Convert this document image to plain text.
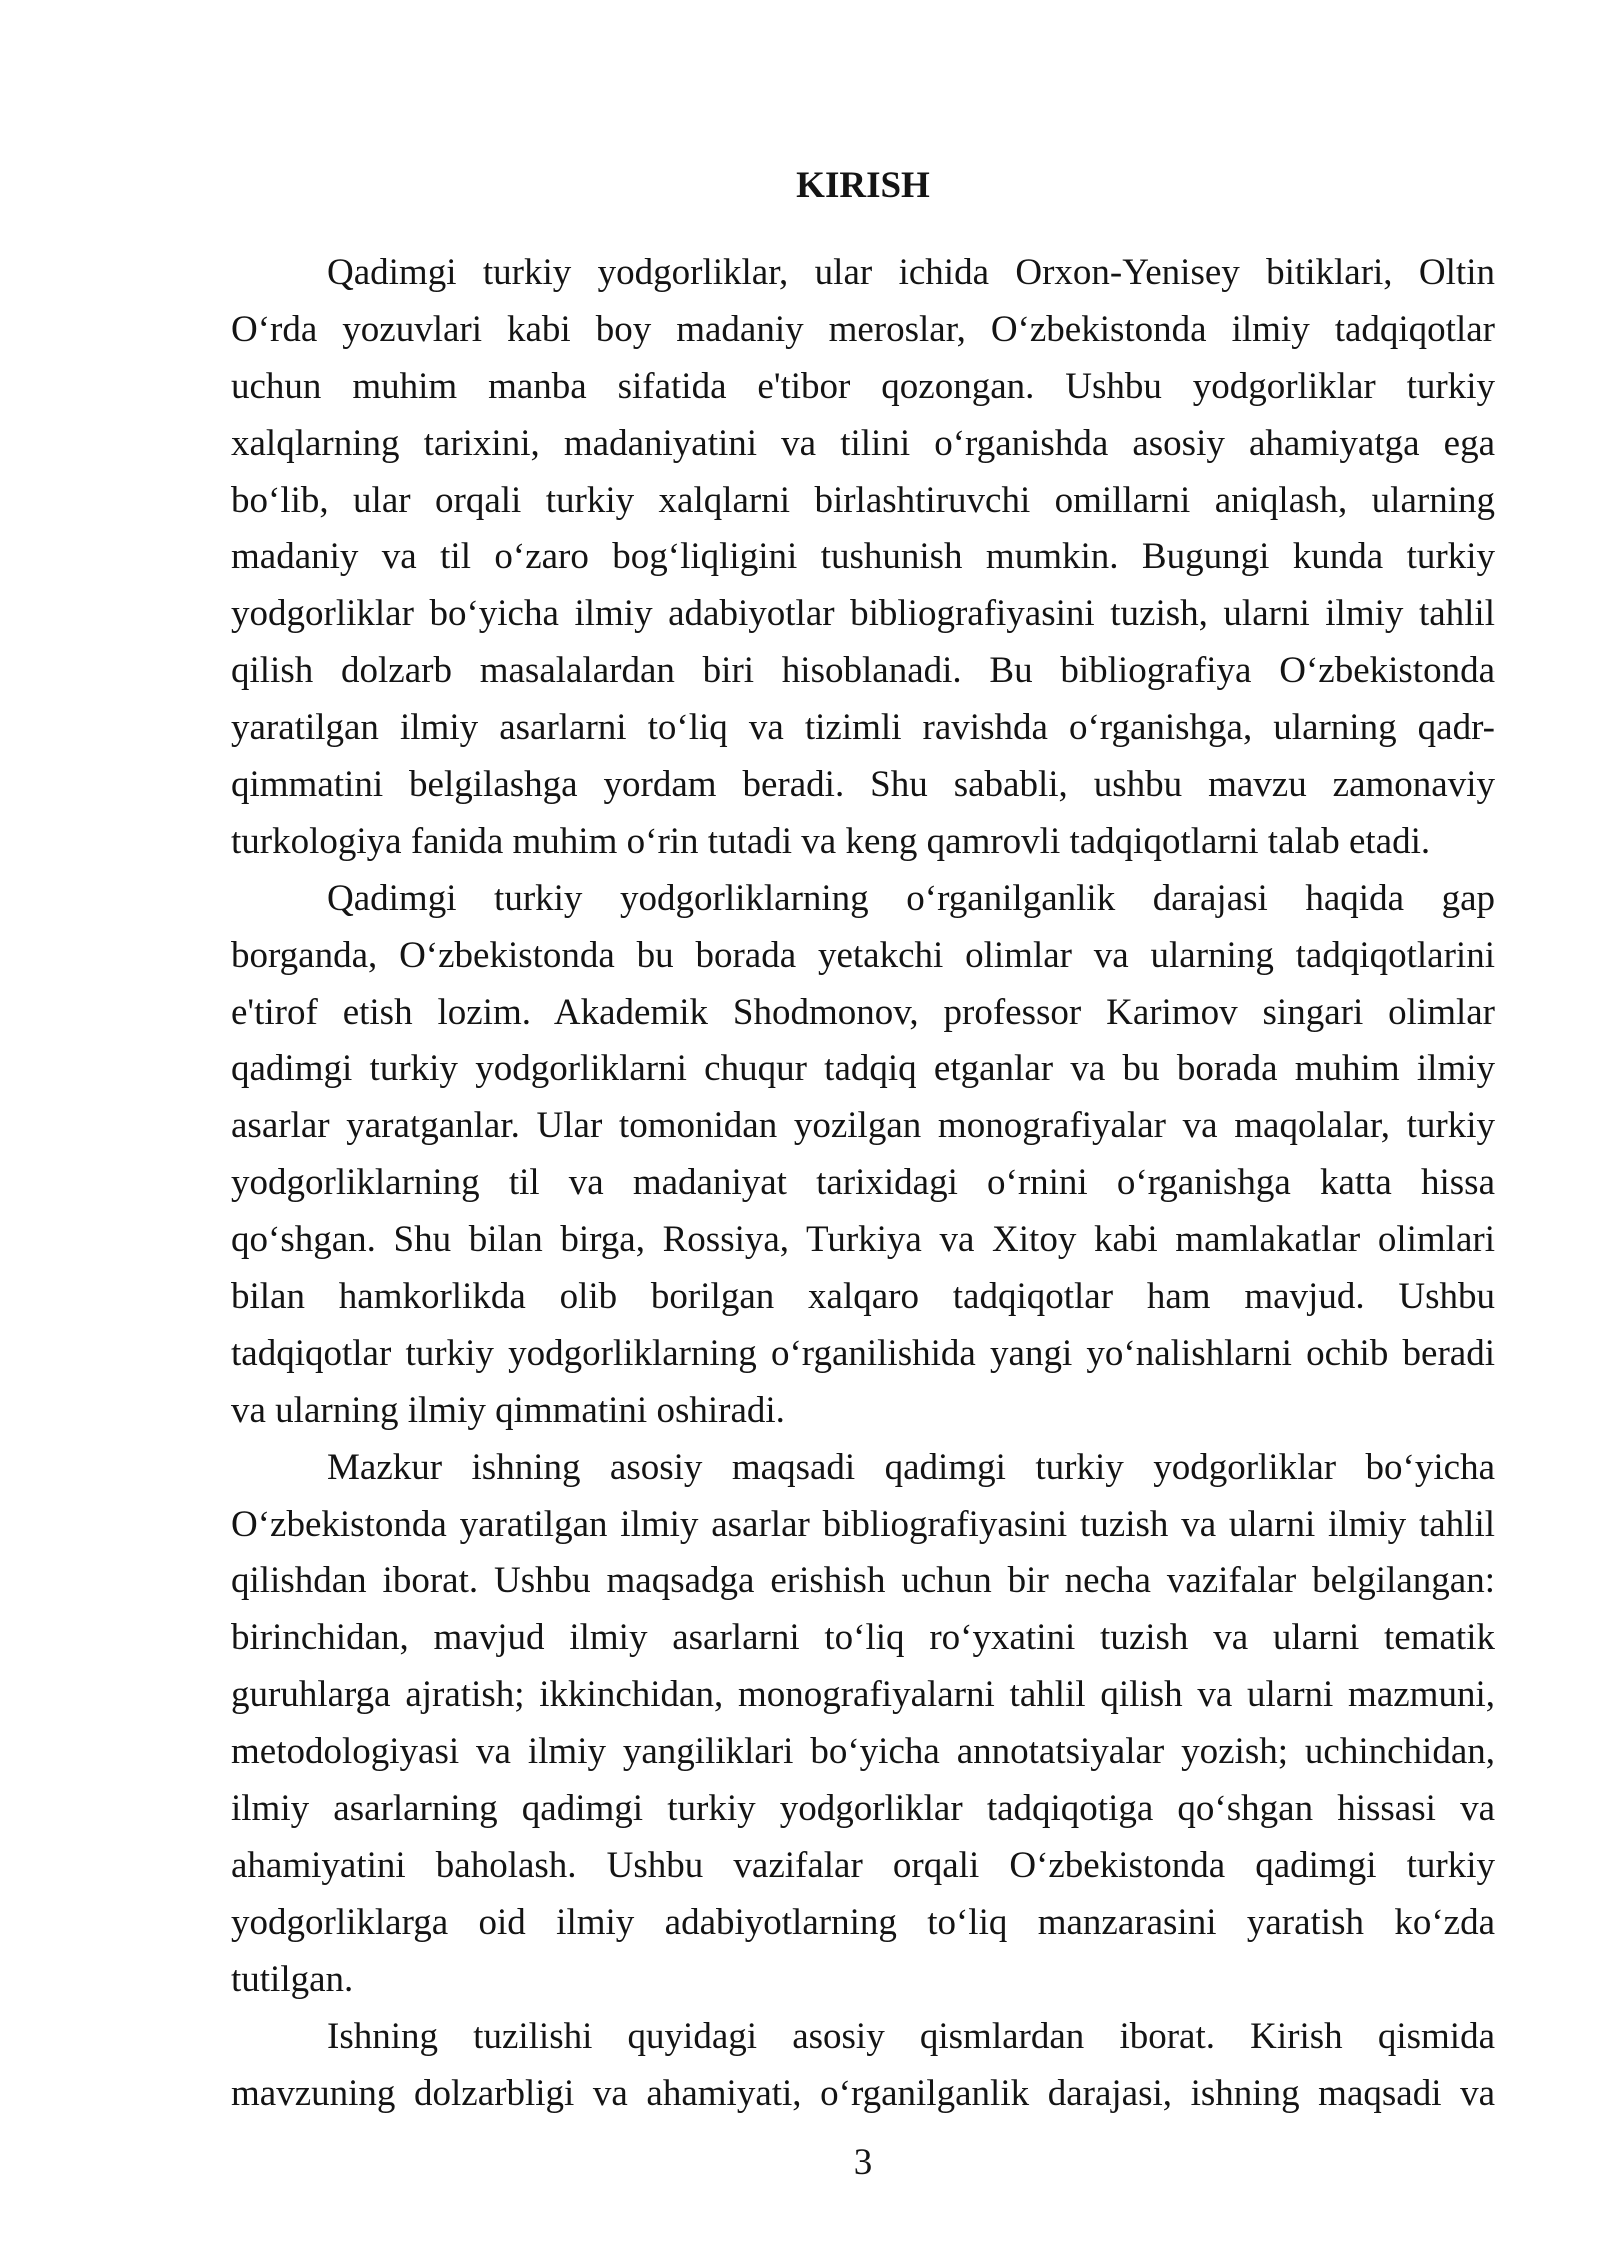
KIRISH
Qadimgi turkiy yodgorliklar, ular ichida Orxon-Yenisey bitiklari, Oltin
O‘rda yozuvlari kabi boy madaniy meroslar, O‘zbekistonda ilmiy tadqiqotlar
uchun muhim manba sifatida e'tibor qozongan. Ushbu yodgorliklar turkiy
xalqlarning tarixini, madaniyatini va tilini o‘rganishda asosiy ahamiyatga ega
bo‘lib, ular orqali turkiy xalqlarni birlashtiruvchi omillarni aniqlash, ularning
madaniy va til o‘zaro bog‘liqligini tushunish mumkin. Bugungi kunda turkiy
yodgorliklar bo‘yicha ilmiy adabiyotlar bibliografiyasini tuzish, ularni ilmiy tahlil
qilish dolzarb masalalardan biri hisoblanadi. Bu bibliografiya O‘zbekistonda
yaratilgan ilmiy asarlarni to‘liq va tizimli ravishda o‘rganishga, ularning qadr-
qimmatini belgilashga yordam beradi. Shu sababli, ushbu mavzu zamonaviy
turkologiya fanida muhim o‘rin tutadi va keng qamrovli tadqiqotlarni talab etadi.
Qadimgi turkiy yodgorliklarning o‘rganilganlik darajasi haqida gap
borganda, O‘zbekistonda bu borada yetakchi olimlar va ularning tadqiqotlarini
e'tirof etish lozim. Akademik Shodmonov, professor Karimov singari olimlar
qadimgi turkiy yodgorliklarni chuqur tadqiq etganlar va bu borada muhim ilmiy
asarlar yaratganlar. Ular tomonidan yozilgan monografiyalar va maqolalar, turkiy
yodgorliklarning til va madaniyat tarixidagi o‘rnini o‘rganishga katta hissa
qo‘shgan. Shu bilan birga, Rossiya, Turkiya va Xitoy kabi mamlakatlar olimlari
bilan hamkorlikda olib borilgan xalqaro tadqiqotlar ham mavjud. Ushbu
tadqiqotlar turkiy yodgorliklarning o‘rganilishida yangi yo‘nalishlarni ochib beradi
va ularning ilmiy qimmatini oshiradi.
Mazkur ishning asosiy maqsadi qadimgi turkiy yodgorliklar bo‘yicha
O‘zbekistonda yaratilgan ilmiy asarlar bibliografiyasini tuzish va ularni ilmiy tahlil
qilishdan iborat. Ushbu maqsadga erishish uchun bir necha vazifalar belgilangan:
birinchidan, mavjud ilmiy asarlarni to‘liq ro‘yxatini tuzish va ularni tematik
guruhlarga ajratish; ikkinchidan, monografiyalarni tahlil qilish va ularni mazmuni,
metodologiyasi va ilmiy yangiliklari bo‘yicha annotatsiyalar yozish; uchinchidan,
ilmiy asarlarning qadimgi turkiy yodgorliklar tadqiqotiga qo‘shgan hissasi va
ahamiyatini baholash. Ushbu vazifalar orqali O‘zbekistonda qadimgi turkiy
yodgorliklarga oid ilmiy adabiyotlarning to‘liq manzarasini yaratish ko‘zda
tutilgan.
Ishning tuzilishi quyidagi asosiy qismlardan iborat. Kirish qismida
mavzuning dolzarbligi va ahamiyati, o‘rganilganlik darajasi, ishning maqsadi va
3
